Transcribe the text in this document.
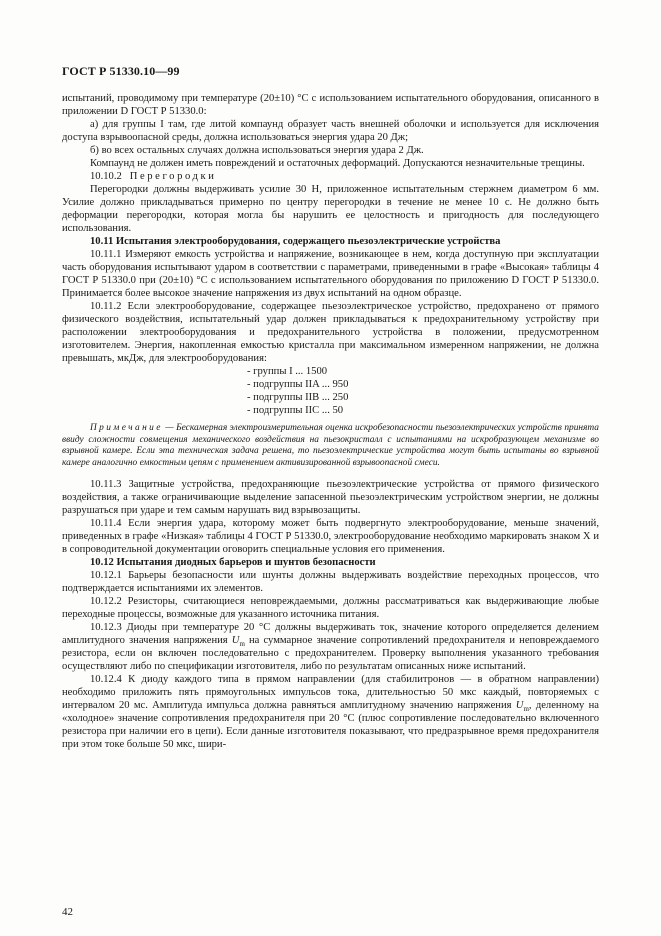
ГОСТ Р 51330.10—99

испытаний, проводимому при температуре (20±10) °С с использованием испытательного оборудования, описанного в приложении D ГОСТ Р 51330.0:

а) для группы I там, где литой компаунд образует часть внешней оболочки и используется для исключения доступа взрывоопасной среды, должна использоваться энергия удара 20 Дж;

б) во всех остальных случаях должна использоваться энергия удара 2 Дж.

Компаунд не должен иметь повреждений и остаточных деформаций. Допускаются незначительные трещины.

10.10.2 Перегородки

Перегородки должны выдерживать усилие 30 Н, приложенное испытательным стержнем диаметром 6 мм. Усилие должно прикладываться примерно по центру перегородки в течение не менее 10 с. Не должно быть деформации перегородки, которая могла бы нарушить ее целостность и пригодность для последующего использования.

10.11 Испытания электрооборудования, содержащего пьезоэлектрические устройства

10.11.1 Измеряют емкость устройства и напряжение, возникающее в нем, когда доступную при эксплуатации часть оборудования испытывают ударом в соответствии с параметрами, приведенными в графе «Высокая» таблицы 4 ГОСТ Р 51330.0 при (20±10) °С с использованием испытательного оборудования по приложению D ГОСТ Р 51330.0. Принимается более высокое значение напряжения из двух испытаний на одном образце.

10.11.2 Если электрооборудование, содержащее пьезоэлектрическое устройство, предохранено от прямого физического воздействия, испытательный удар должен прикладываться к предохранительному устройству при расположении электрооборудования и предохранительного устройства в положении, предусмотренном изготовителем. Энергия, накопленная емкостью кристалла при максимальном измеренном напряжении, не должна превышать, мкДж, для электрооборудования:

- группы I ... 1500
- подгруппы IIA ... 950
- подгруппы IIB ... 250
- подгруппы IIC ... 50
Примечание — Бескамерная электроизмерительная оценка искробезопасности пьезоэлектрических устройств принята ввиду сложности совмещения механического воздействия на пьезокристалл с испытаниями на искробразующем механизме во взрывной камере. Если эта техническая задача решена, то пьезоэлектрические устройства могут быть испытаны во взрывной камере аналогично емкостным цепям с применением активизированной взрывоопасной смеси.

10.11.3 Защитные устройства, предохраняющие пьезоэлектрические устройства от прямого физического воздействия, а также ограничивающие выделение запасенной пьезоэлектрическим устройством энергии, не должны разрушаться при ударе и тем самым нарушать вид взрывозащиты.

10.11.4 Если энергия удара, которому может быть подвергнуто электрооборудование, меньше значений, приведенных в графе «Низкая» таблицы 4 ГОСТ Р 51330.0, электрооборудование необходимо маркировать знаком X и в сопроводительной документации оговорить специальные условия его применения.

10.12 Испытания диодных барьеров и шунтов безопасности

10.12.1 Барьеры безопасности или шунты должны выдерживать воздействие переходных процессов, что подтверждается испытаниями их элементов.

10.12.2 Резисторы, считающиеся неповреждаемыми, должны рассматриваться как выдерживающие любые переходные процессы, возможные для указанного источника питания.

10.12.3 Диоды при температуре 20 °С должны выдерживать ток, значение которого определяется делением амплитудного значения напряжения $U_m$ на суммарное значение сопротивлений предохранителя и неповреждаемого резистора, если он включен последовательно с предохранителем. Проверку выполнения указанного требования осуществляют либо по спецификации изготовителя, либо по результатам описанных ниже испытаний.

10.12.4 К диоду каждого типа в прямом направлении (для стабилитронов — в обратном направлении) необходимо приложить пять прямоугольных импульсов тока, длительностью 50 мкс каждый, повторяемых с интервалом 20 мс. Амплитуда импульса должна равняться амплитудному значению напряжения $U_m$, деленному на «холодное» значение сопротивления предохранителя при 20 °С (плюс сопротивление последовательно включенного резистора при наличии его в цепи). Если данные изготовителя показывают, что предразрывное время предохранителя при этом токе больше 50 мкс, шири-

42
